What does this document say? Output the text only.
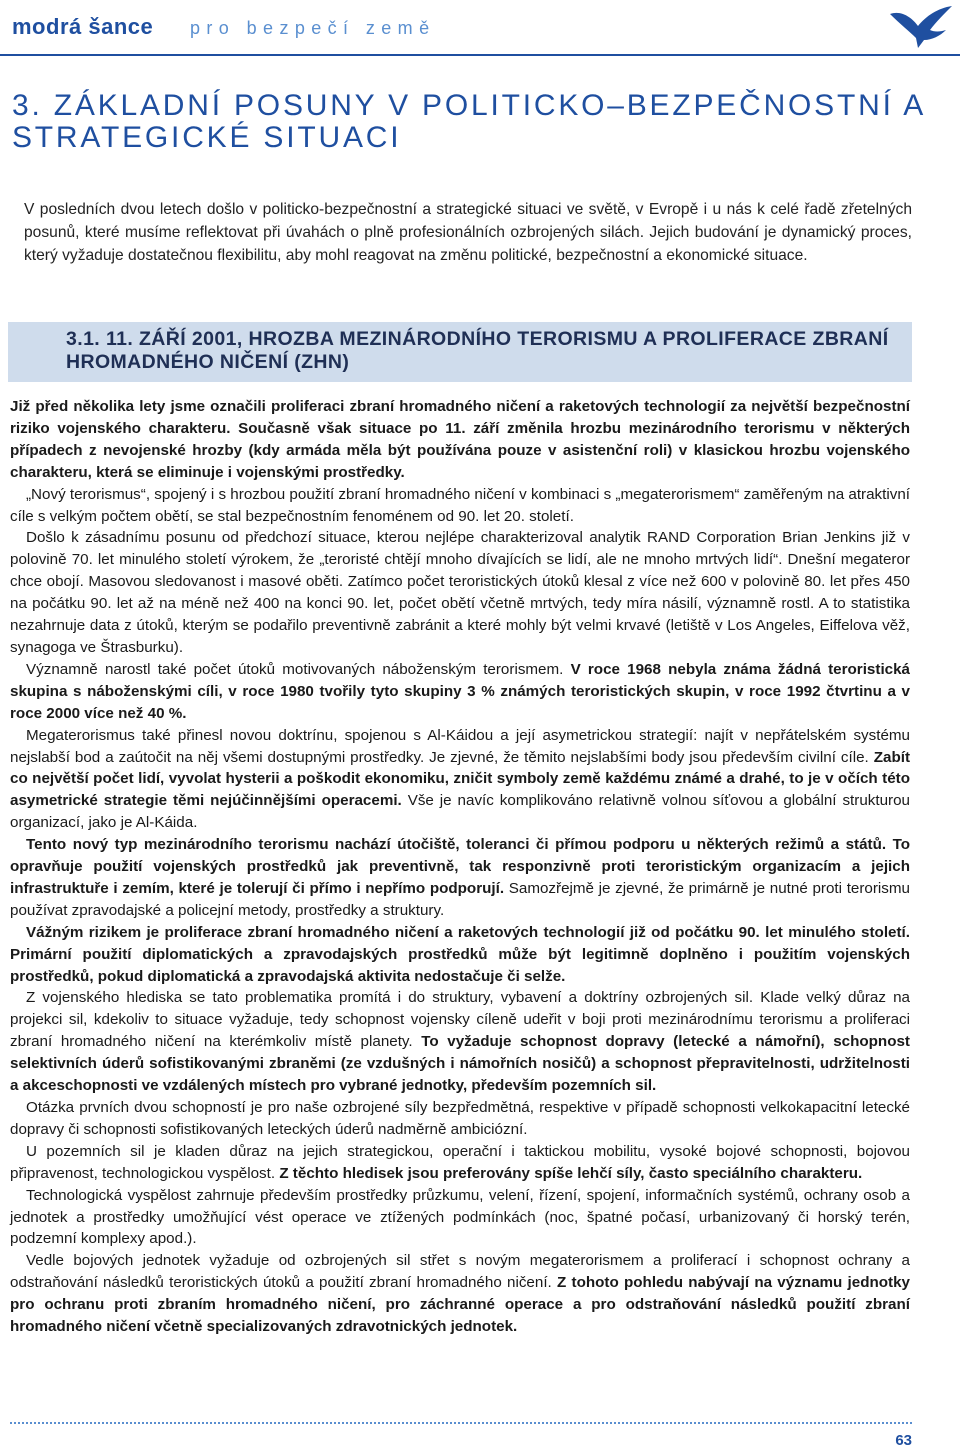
modrá šance pro bezpečí země
3. ZÁKLADNÍ POSUNY V POLITICKO–BEZPEČNOSTNÍ A STRATEGICKÉ SITUACI

V posledních dvou letech došlo v politicko-bezpečnostní a strategické situaci ve světě, v Evropě i u nás k celé řadě zřetelných posunů, které musíme reflektovat při úvahách o plně profesionálních ozbrojených silách. Jejich budování je dynamický proces, který vyžaduje dostatečnou flexibilitu, aby mohl reagovat na změnu politické, bezpečnostní a ekonomické situace.

3.1. 11. ZÁŘÍ 2001, HROZBA MEZINÁRODNÍHO TERORISMU A PROLIFERACE ZBRANÍ HROMADNÉHO NIČENÍ (ZHN)

Již před několika lety jsme označili proliferaci zbraní hromadného ničení a raketových technologií za největší bezpečnostní riziko vojenského charakteru. Současně však situace po 11. září změnila hrozbu mezinárodního terorismu v některých případech z nevojenské hrozby (kdy armáda měla být používána pouze v asistenční roli) v klasickou hrozbu vojenského charakteru, která se eliminuje i vojenskými prostředky.

„Nový terorismus“, spojený i s hrozbou použití zbraní hromadného ničení v kombinaci s „megaterorismem“ zaměřeným na atraktivní cíle s velkým počtem obětí, se stal bezpečnostním fenoménem od 90. let 20. století.

Došlo k zásadnímu posunu od předchozí situace, kterou nejlépe charakterizoval analytik RAND Corporation Brian Jenkins již v polovině 70. let minulého století výrokem, že „teroristé chtějí mnoho dívajících se lidí, ale ne mnoho mrtvých lidí“. Dnešní megateror chce obojí. Masovou sledovanost i masové oběti. Zatímco počet teroristických útoků klesal z více než 600 v polovině 80. let přes 450 na počátku 90. let až na méně než 400 na konci 90. let, počet obětí včetně mrtvých, tedy míra násilí, významně rostl. A to statistika nezahrnuje data z útoků, kterým se podařilo preventivně zabránit a které mohly být velmi krvavé (letiště v Los Angeles, Eiffelova věž, synagoga ve Štrasburku).

Významně narostl také počet útoků motivovaných náboženským terorismem. V roce 1968 nebyla známa žádná teroristická skupina s náboženskými cíli, v roce 1980 tvořily tyto skupiny 3 % známých teroristických skupin, v roce 1992 čtvrtinu a v roce 2000 více než 40 %.

Megaterorismus také přinesl novou doktrínu, spojenou s Al-Káidou a její asymetrickou strategií: najít v nepřátelském systému nejslabší bod a zaútočit na něj všemi dostupnými prostředky. Je zjevné, že těmito nejslabšími body jsou především civilní cíle. Zabít co největší počet lidí, vyvolat hysterii a poškodit ekonomiku, zničit symboly země každému známé a drahé, to je v očích této asymetrické strategie těmi nejúčinnějšími operacemi. Vše je navíc komplikováno relativně volnou síťovou a globální strukturou organizací, jako je Al-Káida.

Tento nový typ mezinárodního terorismu nachází útočiště, toleranci či přímou podporu u některých režimů a států. To opravňuje použití vojenských prostředků jak preventivně, tak responzivně proti teroristickým organizacím a jejich infrastruktuře i zemím, které je tolerují či přímo i nepřímo podporují. Samozřejmě je zjevné, že primárně je nutné proti terorismu používat zpravodajské a policejní metody, prostředky a struktury.

Vážným rizikem je proliferace zbraní hromadného ničení a raketových technologií již od počátku 90. let minulého století. Primární použití diplomatických a zpravodajských prostředků může být legitimně doplněno i použitím vojenských prostředků, pokud diplomatická a zpravodajská aktivita nedostačuje či selže.

Z vojenského hlediska se tato problematika promítá i do struktury, vybavení a doktríny ozbrojených sil. Klade velký důraz na projekci sil, kdekoliv to situace vyžaduje, tedy schopnost vojensky cíleně udeřit v boji proti mezinárodnímu terorismu a proliferaci zbraní hromadného ničení na kterémkoliv místě planety. To vyžaduje schopnost dopravy (letecké a námořní), schopnost selektivních úderů sofistikovanými zbraněmi (ze vzdušných i námořních nosičů) a schopnost přepravitelnosti, udržitelnosti a akceschopnosti ve vzdálených místech pro vybrané jednotky, především pozemních sil.

Otázka prvních dvou schopností je pro naše ozbrojené síly bezpředmětná, respektive v případě schopnosti velkokapacitní letecké dopravy či schopnosti sofistikovaných leteckých úderů nadměrně ambiciózní.

U pozemních sil je kladen důraz na jejich strategickou, operační i taktickou mobilitu, vysoké bojové schopnosti, bojovou připravenost, technologickou vyspělost. Z těchto hledisek jsou preferovány spíše lehčí síly, často speciálního charakteru.

Technologická vyspělost zahrnuje především prostředky průzkumu, velení, řízení, spojení, informačních systémů, ochrany osob a jednotek a prostředky umožňující vést operace ve ztížených podmínkách (noc, špatné počasí, urbanizovaný či horský terén, podzemní komplexy apod.).

Vedle bojových jednotek vyžaduje od ozbrojených sil střet s novým megaterorismem a proliferací i schopnost ochrany a odstraňování následků teroristických útoků a použití zbraní hromadného ničení. Z tohoto pohledu nabývají na významu jednotky pro ochranu proti zbraním hromadného ničení, pro záchranné operace a pro odstraňování následků použití zbraní hromadného ničení včetně specializovaných zdravotnických jednotek.

63
